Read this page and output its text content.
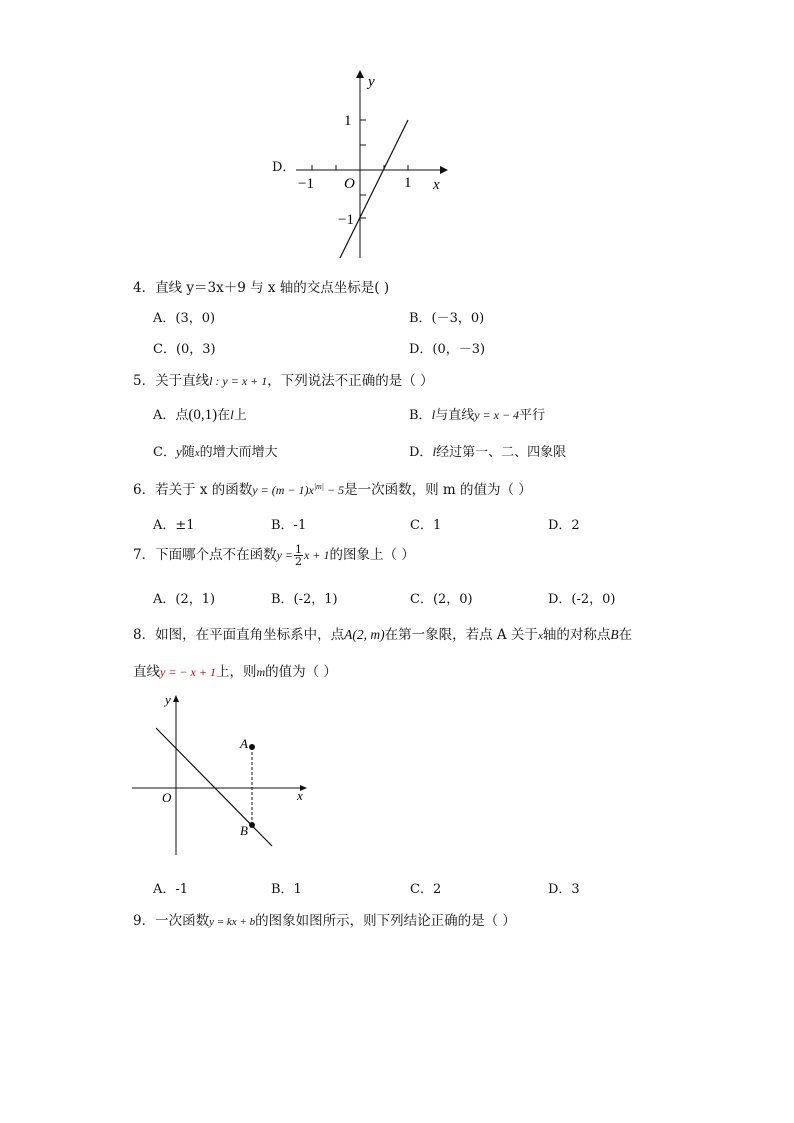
D．
y
x
O
1
−1
−1	1
4．直线 y＝3x＋9 与 x 轴的交点坐标是( )
A．(3，0)	B．(－3，0)
C．(0，3)	D．(0，－3)
5．关于直线l : y = x + 1，下列说法不正确的是（ ）
A．点(0,1)在l上	B．l与直线y = x − 4平行
C．y随x的增大而增大	D．l经过第一、二、四象限
6．若关于 x 的函数$y = (m - 1)x^{|m|} - 5$是一次函数，则 m 的值为（ ）
A．±1	B．-1	C．1	D．2
7．下面哪个点不在函数$y = \frac{1}{2}$ x + 1的图象上（ ）
A．(2，1)	B．(-2，1)	C．(2，0)	D．(-2，0)
8．如图，在平面直角坐标系中，点A(2, m)在第一象限，若点 A 关于x轴的对称点B在
直线y = − x + 1上，则m的值为（ ）
y
x
O
A
B
A．-1	B．1	C．2	D．3
9．一次函数y = kx + b的图象如图所示，则下列结论正确的是（ ）
